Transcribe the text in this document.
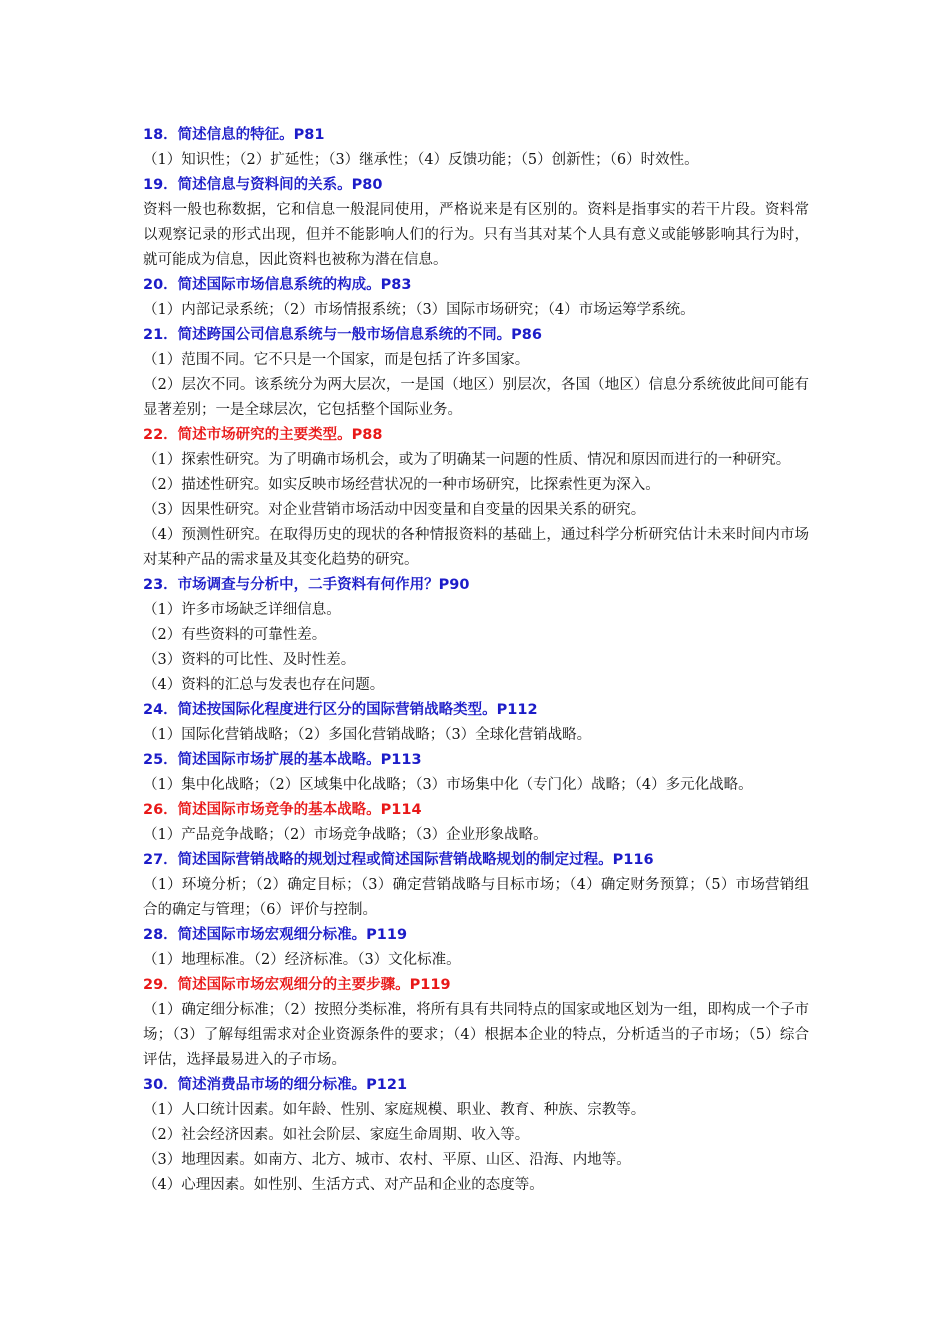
18．简述信息的特征。P81

（1）知识性；（2）扩延性；（3）继承性；（4）反馈功能；（5）创新性；（6）时效性。

19．简述信息与资料间的关系。P80

资料一般也称数据，它和信息一般混同使用，严格说来是有区别的。资料是指事实的若干片段。资料常以观察记录的形式出现，但并不能影响人们的行为。只有当其对某个人具有意义或能够影响其行为时，就可能成为信息，因此资料也被称为潜在信息。

20．简述国际市场信息系统的构成。P83

（1）内部记录系统；（2）市场情报系统；（3）国际市场研究；（4）市场运筹学系统。

21．简述跨国公司信息系统与一般市场信息系统的不同。P86

（1）范围不同。它不只是一个国家，而是包括了许多国家。

（2）层次不同。该系统分为两大层次，一是国（地区）别层次，各国（地区）信息分系统彼此间可能有显著差别；一是全球层次，它包括整个国际业务。

22．简述市场研究的主要类型。P88

（1）探索性研究。为了明确市场机会，或为了明确某一问题的性质、情况和原因而进行的一种研究。

（2）描述性研究。如实反映市场经营状况的一种市场研究，比探索性更为深入。

（3）因果性研究。对企业营销市场活动中因变量和自变量的因果关系的研究。

（4）预测性研究。在取得历史的现状的各种情报资料的基础上，通过科学分析研究估计未来时间内市场对某种产品的需求量及其变化趋势的研究。

23．市场调查与分析中，二手资料有何作用？P90

（1）许多市场缺乏详细信息。

（2）有些资料的可靠性差。

（3）资料的可比性、及时性差。

（4）资料的汇总与发表也存在问题。

24．简述按国际化程度进行区分的国际营销战略类型。P112

（1）国际化营销战略；（2）多国化营销战略；（3）全球化营销战略。

25．简述国际市场扩展的基本战略。P113

（1）集中化战略；（2）区域集中化战略；（3）市场集中化（专门化）战略；（4）多元化战略。

26．简述国际市场竞争的基本战略。P114

（1）产品竞争战略；（2）市场竞争战略；（3）企业形象战略。

27．简述国际营销战略的规划过程或简述国际营销战略规划的制定过程。P116

（1）环境分析；（2）确定目标；（3）确定营销战略与目标市场；（4）确定财务预算；（5）市场营销组合的确定与管理；（6）评价与控制。

28．简述国际市场宏观细分标准。P119

（1）地理标准。（2）经济标准。（3）文化标准。

29．简述国际市场宏观细分的主要步骤。P119

（1）确定细分标准；（2）按照分类标准，将所有具有共同特点的国家或地区划为一组，即构成一个子市场；（3）了解每组需求对企业资源条件的要求；（4）根据本企业的特点，分析适当的子市场；（5）综合评估，选择最易进入的子市场。

30．简述消费品市场的细分标准。P121

（1）人口统计因素。如年龄、性别、家庭规模、职业、教育、种族、宗教等。

（2）社会经济因素。如社会阶层、家庭生命周期、收入等。

（3）地理因素。如南方、北方、城市、农村、平原、山区、沿海、内地等。

（4）心理因素。如性别、生活方式、对产品和企业的态度等。
